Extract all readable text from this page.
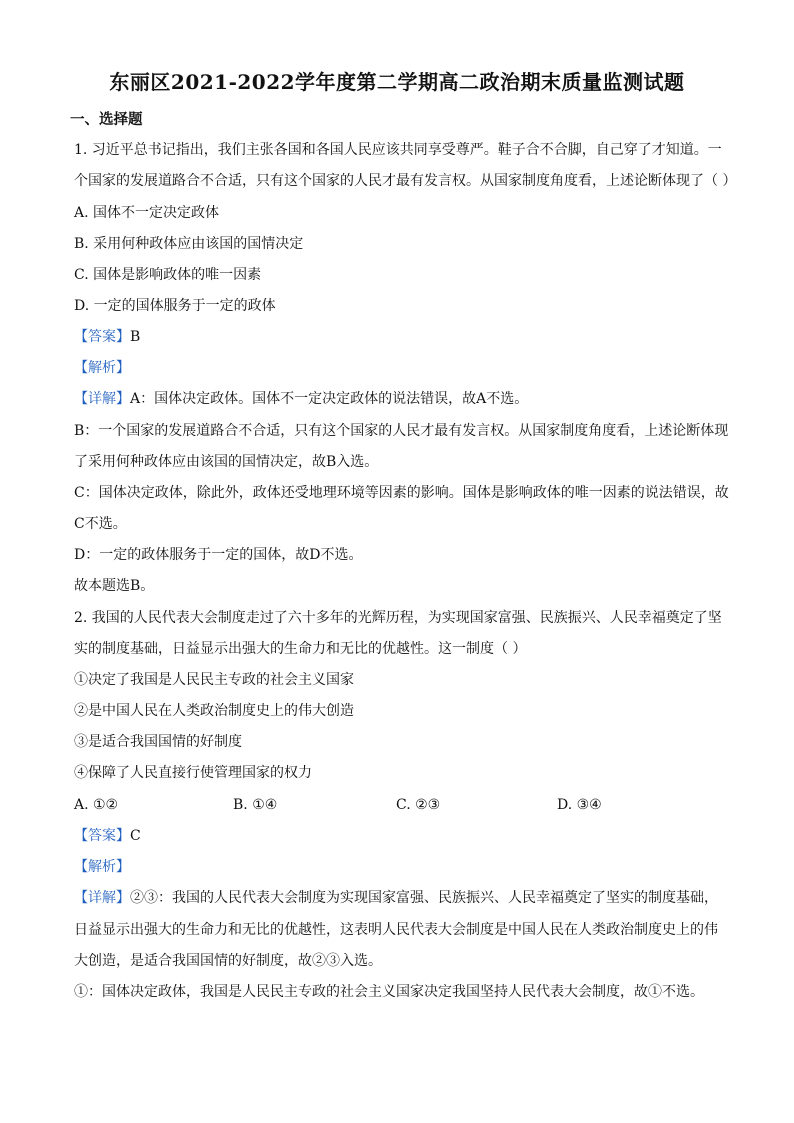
东丽区2021-2022学年度第二学期高二政治期末质量监测试题
一、选择题
1. 习近平总书记指出，我们主张各国和各国人民应该共同享受尊严。鞋子合不合脚，自己穿了才知道。一
个国家的发展道路合不合适，只有这个国家的人民才最有发言权。从国家制度角度看，上述论断体现了（ ）
A. 国体不一定决定政体
B. 采用何种政体应由该国的国情决定
C. 国体是影响政体的唯一因素
D. 一定的国体服务于一定的政体
【答案】B
【解析】
【详解】A：国体决定政体。国体不一定决定政体的说法错误，故A不选。
B：一个国家的发展道路合不合适，只有这个国家的人民才最有发言权。从国家制度角度看，上述论断体现
了采用何种政体应由该国的国情决定，故B入选。
C：国体决定政体，除此外，政体还受地理环境等因素的影响。国体是影响政体的唯一因素的说法错误，故
C不选。
D：一定的政体服务于一定的国体，故D不选。
故本题选B。
2. 我国的人民代表大会制度走过了六十多年的光辉历程，为实现国家富强、民族振兴、人民幸福奠定了坚
实的制度基础，日益显示出强大的生命力和无比的优越性。这一制度（ ）
①决定了我国是人民民主专政的社会主义国家
②是中国人民在人类政治制度史上的伟大创造
③是适合我国国情的好制度
④保障了人民直接行使管理国家的权力
A. ①②	B. ①④	C. ②③	D. ③④
【答案】C
【解析】
【详解】②③：我国的人民代表大会制度为实现国家富强、民族振兴、人民幸福奠定了坚实的制度基础，
日益显示出强大的生命力和无比的优越性，这表明人民代表大会制度是中国人民在人类政治制度史上的伟
大创造，是适合我国国情的好制度，故②③入选。
①：国体决定政体，我国是人民民主专政的社会主义国家决定我国坚持人民代表大会制度，故①不选。
